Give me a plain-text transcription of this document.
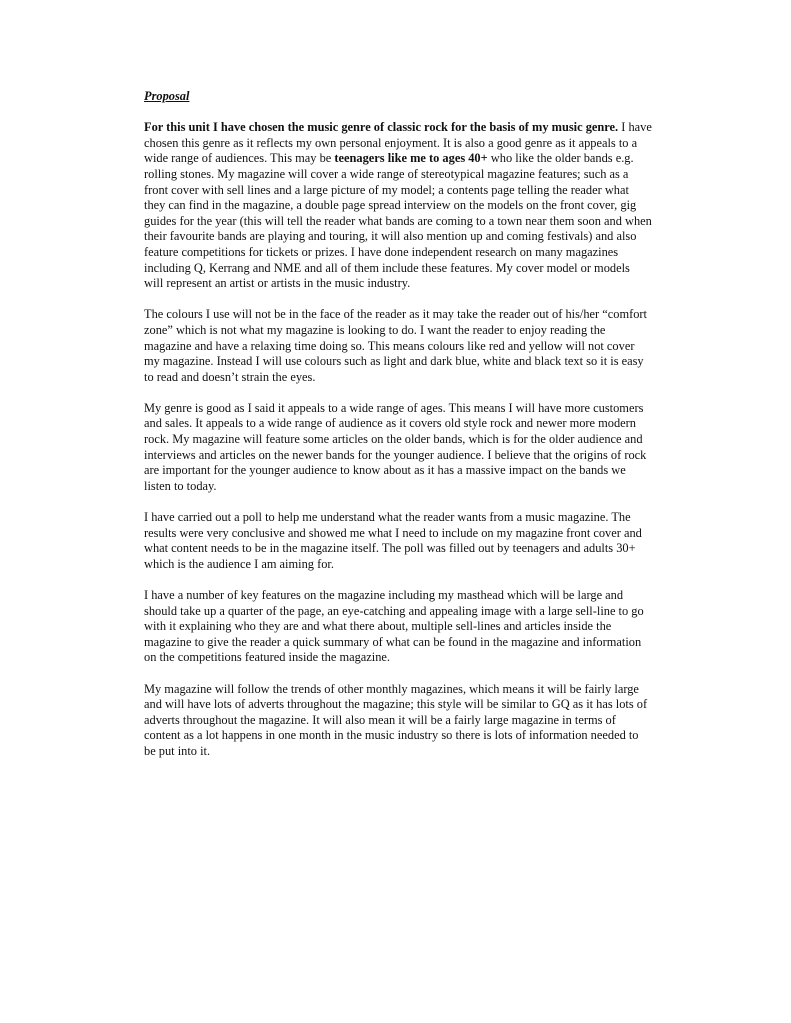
Proposal

For this unit I have chosen the music genre of classic rock for the basis of my music genre. I have chosen this genre as it reflects my own personal enjoyment. It is also a good genre as it appeals to a wide range of audiences. This may be teenagers like me to ages 40+ who like the older bands e.g. rolling stones. My magazine will cover a wide range of stereotypical magazine features; such as a front cover with sell lines and a large picture of my model; a contents page telling the reader what they can find in the magazine, a double page spread interview on the models on the front cover, gig guides for the year (this will tell the reader what bands are coming to a town near them soon and when their favourite bands are playing and touring, it will also mention up and coming festivals) and also feature competitions for tickets or prizes. I have done independent research on many magazines including Q, Kerrang and NME and all of them include these features. My cover model or models will represent an artist or artists in the music industry.

The colours I use will not be in the face of the reader as it may take the reader out of his/her “comfort zone” which is not what my magazine is looking to do. I want the reader to enjoy reading the magazine and have a relaxing time doing so. This means colours like red and yellow will not cover my magazine. Instead I will use colours such as light and dark blue, white and black text so it is easy to read and doesn’t strain the eyes.

My genre is good as I said it appeals to a wide range of ages. This means I will have more customers and sales. It appeals to a wide range of audience as it covers old style rock and newer more modern rock. My magazine will feature some articles on the older bands, which is for the older audience and interviews and articles on the newer bands for the younger audience. I believe that the origins of rock are important for the younger audience to know about as it has a massive impact on the bands we listen to today.

I have carried out a poll to help me understand what the reader wants from a music magazine. The results were very conclusive and showed me what I need to include on my magazine front cover and what content needs to be in the magazine itself. The poll was filled out by teenagers and adults 30+ which is the audience I am aiming for.

I have a number of key features on the magazine including my masthead which will be large and should take up a quarter of the page, an eye-catching and appealing image with a large sell-line to go with it explaining who they are and what there about, multiple sell-lines and articles inside the magazine to give the reader a quick summary of what can be found in the magazine and information on the competitions featured inside the magazine.

My magazine will follow the trends of other monthly magazines, which means it will be fairly large and will have lots of adverts throughout the magazine; this style will be similar to GQ as it has lots of adverts throughout the magazine. It will also mean it will be a fairly large magazine in terms of content as a lot happens in one month in the music industry so there is lots of information needed to be put into it.
